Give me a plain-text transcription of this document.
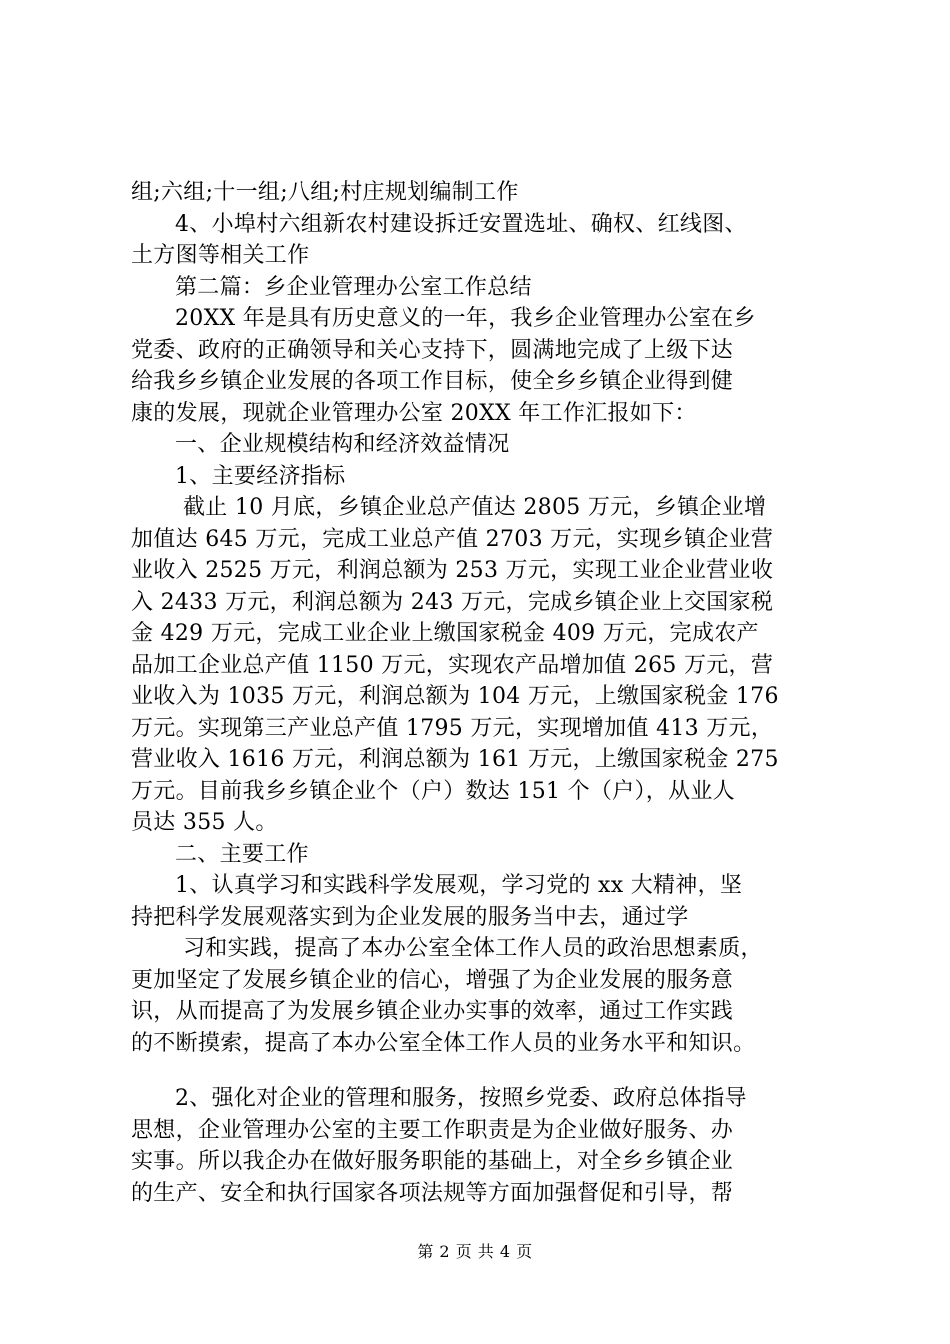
组;六组;十一组;八组;村庄规划编制工作
4、小埠村六组新农村建设拆迁安置选址、确权、红线图、
土方图等相关工作
第二篇：乡企业管理办公室工作总结
20XX 年是具有历史意义的一年，我乡企业管理办公室在乡
党委、政府的正确领导和关心支持下，圆满地完成了上级下达
给我乡乡镇企业发展的各项工作目标，使全乡乡镇企业得到健
康的发展，现就企业管理办公室 20XX 年工作汇报如下：
一、企业规模结构和经济效益情况
1、主要经济指标
截止 10 月底，乡镇企业总产值达 2805 万元，乡镇企业增
加值达 645 万元，完成工业总产值 2703 万元，实现乡镇企业营
业收入 2525 万元，利润总额为 253 万元，实现工业企业营业收
入 2433 万元，利润总额为 243 万元，完成乡镇企业上交国家税
金 429 万元，完成工业企业上缴国家税金 409 万元，完成农产
品加工企业总产值 1150 万元，实现农产品增加值 265 万元，营
业收入为 1035 万元，利润总额为 104 万元，上缴国家税金 176
万元。实现第三产业总产值 1795 万元，实现增加值 413 万元，
营业收入 1616 万元，利润总额为 161 万元，上缴国家税金 275
万元。目前我乡乡镇企业个（户）数达 151 个（户），从业人
员达 355 人。
二、主要工作
1、认真学习和实践科学发展观，学习党的 xx 大精神，坚
持把科学发展观落实到为企业发展的服务当中去，通过学
习和实践，提高了本办公室全体工作人员的政治思想素质，
更加坚定了发展乡镇企业的信心，增强了为企业发展的服务意
识，从而提高了为发展乡镇企业办实事的效率，通过工作实践
的不断摸索，提高了本办公室全体工作人员的业务水平和知识。
2、强化对企业的管理和服务，按照乡党委、政府总体指导
思想，企业管理办公室的主要工作职责是为企业做好服务、办
实事。所以我企办在做好服务职能的基础上，对全乡乡镇企业
的生产、安全和执行国家各项法规等方面加强督促和引导，帮
第 2 页 共 4 页
